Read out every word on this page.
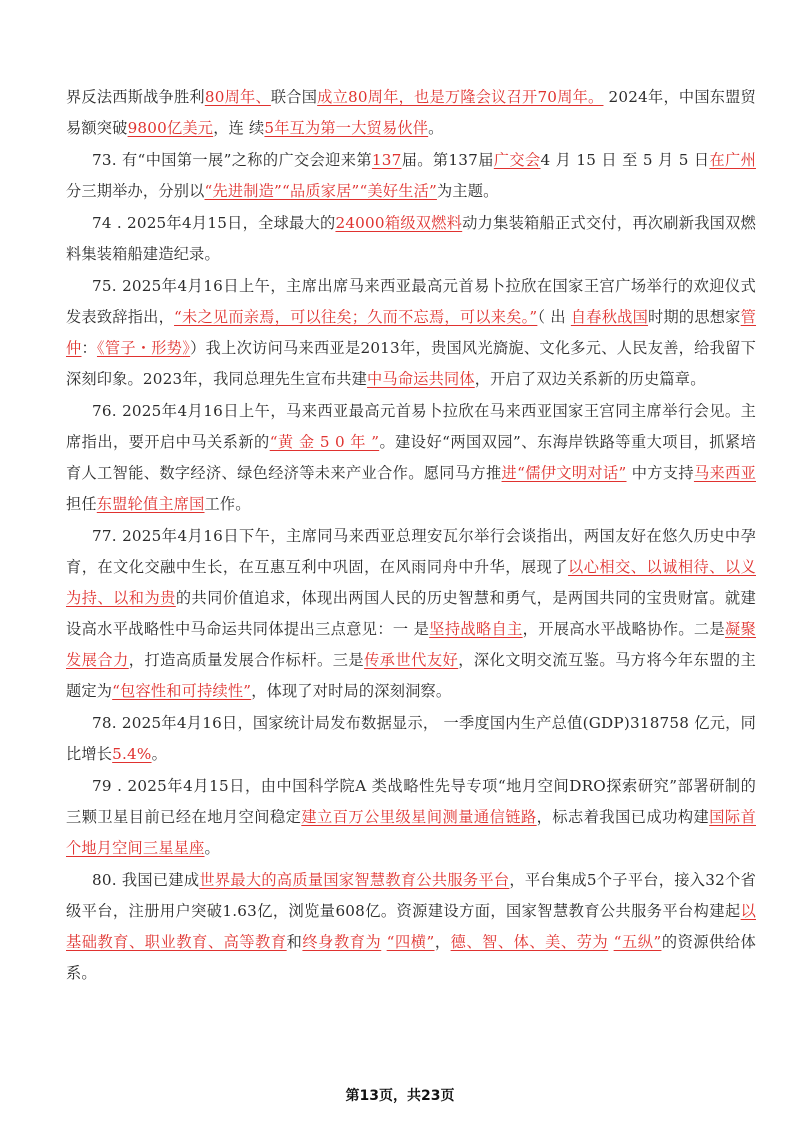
界反法西斯战争胜利80周年、联合国成立80周年，也是万隆会议召开70周年。 2024年，中国东盟贸易额突破9800亿美元，连 续5年互为第一大贸易伙伴。

73. 有“中国第一展”之称的广交会迎来第137届。第137届广交会4 月 15 日 至 5 月 5 日在广州分三期举办，分别以“先进制造”“品质家居”“美好生活”为主题。

74 . 2025年4月15日，全球最大的24000箱级双燃料动力集装箱船正式交付，再次刷新我国双燃料集装箱船建造纪录。

75. 2025年4月16日上午，主席出席马来西亚最高元首易卜拉欣在国家王宫广场举行的欢迎仪式发表致辞指出，“未之见而亲焉，可以往矣；久而不忘焉，可以来矣。”（ 出 自春秋战国时期的思想家管仲：《管子・形势》）我上次访问马来西亚是2013年，贵国风光旖旎、文化多元、人民友善，给我留下深刻印象。2023年，我同总理先生宣布共建中马命运共同体，开启了双边关系新的历史篇章。

76. 2025年4月16日上午，马来西亚最高元首易卜拉欣在马来西亚国家王宫同主席举行会见。主席指出，要开启中马关系新的“黄 金 5 0 年 ”。建设好“两国双园”、东海岸铁路等重大项目，抓紧培育人工智能、数字经济、绿色经济等未来产业合作。愿同马方推进“儒伊文明对话” 中方支持马来西亚担任东盟轮值主席国工作。

77. 2025年4月16日下午，主席同马来西亚总理安瓦尔举行会谈指出，两国友好在悠久历史中孕育，在文化交融中生长，在互惠互利中巩固，在风雨同舟中升华，展现了以心相交、以诚相待、以义为持、以和为贵的共同价值追求，体现出两国人民的历史智慧和勇气，是两国共同的宝贵财富。就建设高水平战略性中马命运共同体提出三点意见：一 是坚持战略自主，开展高水平战略协作。二是凝聚发展合力，打造高质量发展合作标杆。三是传承世代友好，深化文明交流互鉴。马方将今年东盟的主题定为“包容性和可持续性”，体现了对时局的深刻洞察。

78. 2025年4月16日，国家统计局发布数据显示， 一季度国内生产总值(GDP)318758 亿元，同比增长5.4%。

79 . 2025年4月15日，由中国科学院A 类战略性先导专项“地月空间DRO探索研究”部署研制的三颗卫星目前已经在地月空间稳定建立百万公里级星间测量通信链路，标志着我国已成功构建国际首个地月空间三星星座。

80. 我国已建成世界最大的高质量国家智慧教育公共服务平台，平台集成5个子平台，接入32个省级平台，注册用户突破1.63亿，浏览量608亿。资源建设方面，国家智慧教育公共服务平台构建起以基础教育、职业教育、高等教育和终身教育为 “四横”，德、智、体、美、劳为 “五纵”的资源供给体系。

第13页，共23页
